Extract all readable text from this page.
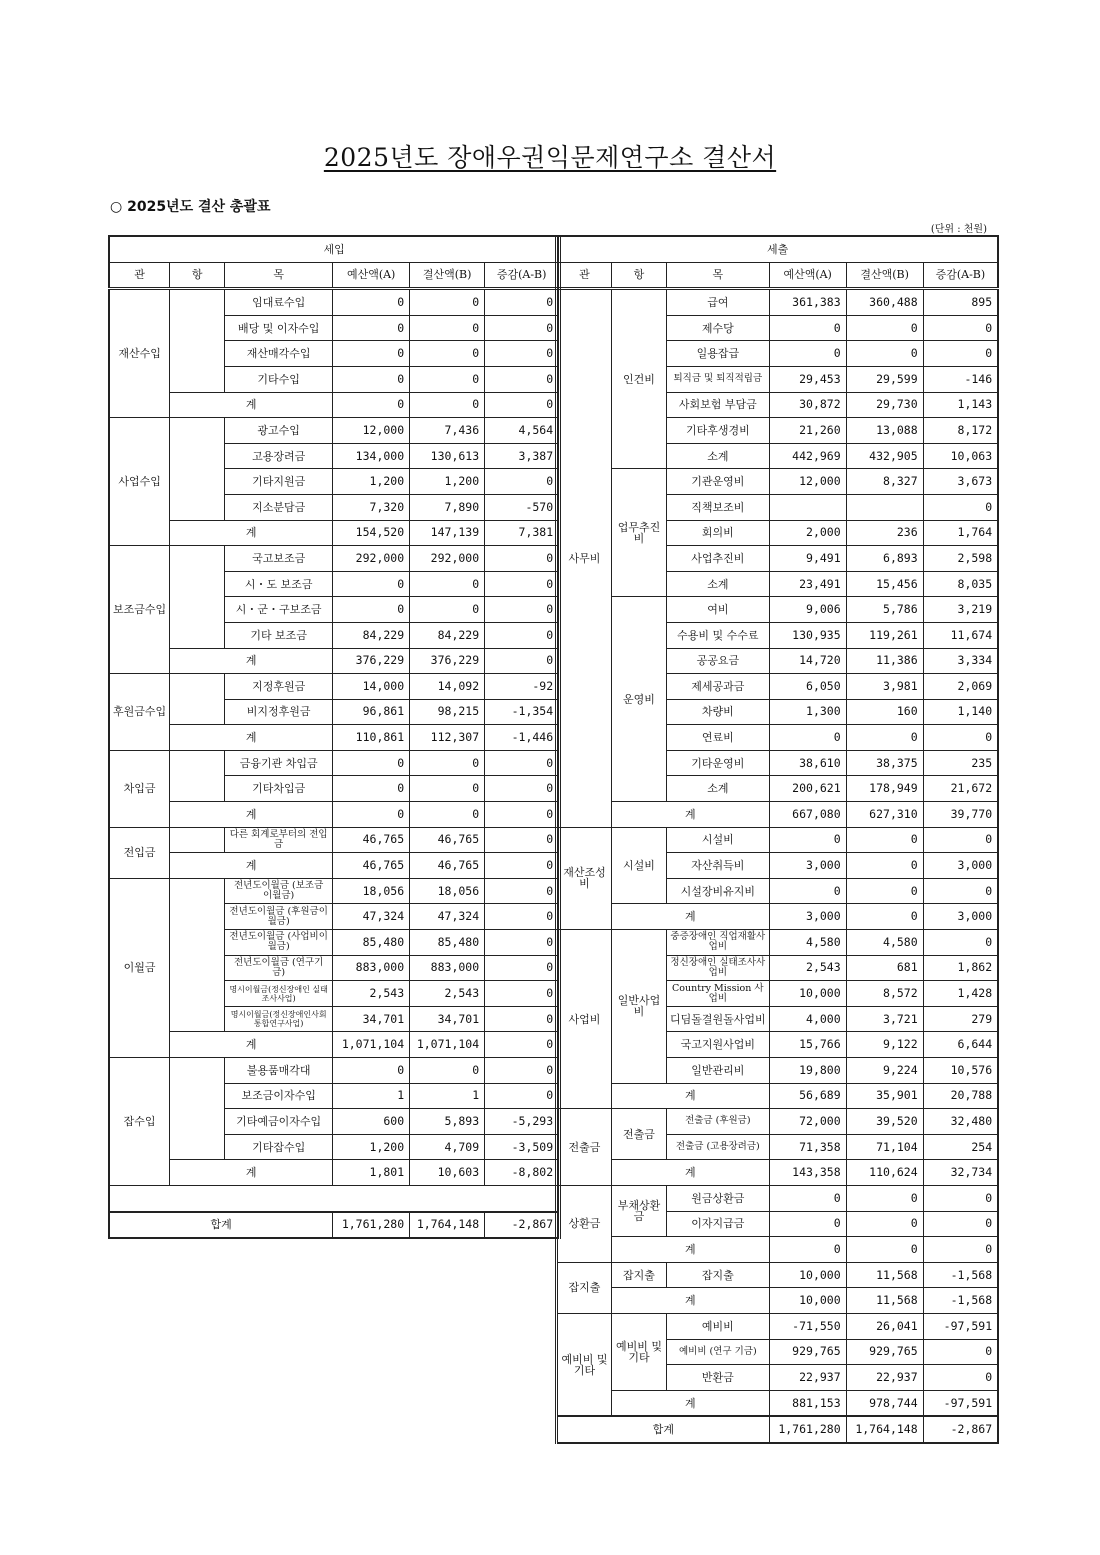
2025년도 장애우권익문제연구소 결산서
○ 2025년도 결산 총괄표
(단위 : 천원)
세입					
관	항	목	예산액(A)	결산액(B)	증감(A-B)
재산수입		임대료수입	0	0	0
		배당 및 이자수입	0	0	0
		재산매각수입	0	0	0
		기타수입	0	0	0
	계		0	0	0
사업수입		광고수입	12,000	7,436	4,564
		고용장려금	134,000	130,613	3,387
		기타지원금	1,200	1,200	0
		지소분담금	7,320	7,890	-570
	계		154,520	147,139	7,381
보조금수입		국고보조금	292,000	292,000	0
		시・도 보조금	0	0	0
		시・군・구보조금	0	0	0
		기타 보조금	84,229	84,229	0
	계		376,229	376,229	0
후원금수입		지정후원금	14,000	14,092	-92
		비지정후원금	96,861	98,215	-1,354
	계		110,861	112,307	-1,446
차입금		금융기관 차입금	0	0	0
		기타차입금	0	0	0
	계		0	0	0
전입금		다른 회계로부터의 전입금	46,765	46,765	0
	계		46,765	46,765	0
이월금		전년도이월금 (보조금 이월금)	18,056	18,056	0
		전년도이월금 (후원금이월금)	47,324	47,324	0
		전년도이월금 (사업비이월금)	85,480	85,480	0
		전년도이월금 (연구기금)	883,000	883,000	0
		명시이월금(정신장애인 실태조사사업)	2,543	2,543	0
		명시이월금(정신장애인사회통합연구사업)	34,701	34,701	0
	계		1,071,104	1,071,104	0
잡수입		불용품매각대	0	0	0
		보조금이자수입	1	1	0
		기타예금이자수입	600	5,893	-5,293
		기타잡수입	1,200	4,709	-3,509
	계		1,801	10,603	-8,802

합계			1,761,280	1,764,148	-2,867
세출					
관	항	목	예산액(A)	결산액(B)	증감(A-B)
사무비	인건비	급여	361,383	360,488	895
		제수당	0	0	0
		일용잡급	0	0	0
		퇴직금 및 퇴직적립금	29,453	29,599	-146
		사회보험 부담금	30,872	29,730	1,143
		기타후생경비	21,260	13,088	8,172
		소계	442,969	432,905	10,063
	업무추진비	기관운영비	12,000	8,327	3,673
		직책보조비			0
		회의비	2,000	236	1,764
		사업추진비	9,491	6,893	2,598
		소계	23,491	15,456	8,035
	운영비	여비	9,006	5,786	3,219
		수용비 및 수수료	130,935	119,261	11,674
		공공요금	14,720	11,386	3,334
		제세공과금	6,050	3,981	2,069
		차량비	1,300	160	1,140
		연료비	0	0	0
		기타운영비	38,610	38,375	235
		소계	200,621	178,949	21,672
	계		667,080	627,310	39,770
재산조성비	시설비	시설비	0	0	0
		자산취득비	3,000	0	3,000
		시설장비유지비	0	0	0
	계		3,000	0	3,000
사업비	일반사업비	중증장애인 직업재활사업비	4,580	4,580	0
		정신장애인 실태조사사업비	2,543	681	1,862
		Country Mission 사업비	10,000	8,572	1,428
		디딤돌결원돌사업비	4,000	3,721	279
		국고지원사업비	15,766	9,122	6,644
		일반관리비	19,800	9,224	10,576
	계		56,689	35,901	20,788
전출금	전출금	전출금 (후원금)	72,000	39,520	32,480
		전출금 (고용장려금)	71,358	71,104	254
	계		143,358	110,624	32,734
상환금	부채상환금	원금상환금	0	0	0
		이자지급금	0	0	0
	계		0	0	0
잡지출	잡지출	잡지출	10,000	11,568	-1,568
	계		10,000	11,568	-1,568
예비비 및 기타	예비비 및 기타	예비비	-71,550	26,041	-97,591
		예비비 (연구 기금)	929,765	929,765	0
		반환금	22,937	22,937	0
	계		881,153	978,744	-97,591
합계			1,761,280	1,764,148	-2,867
